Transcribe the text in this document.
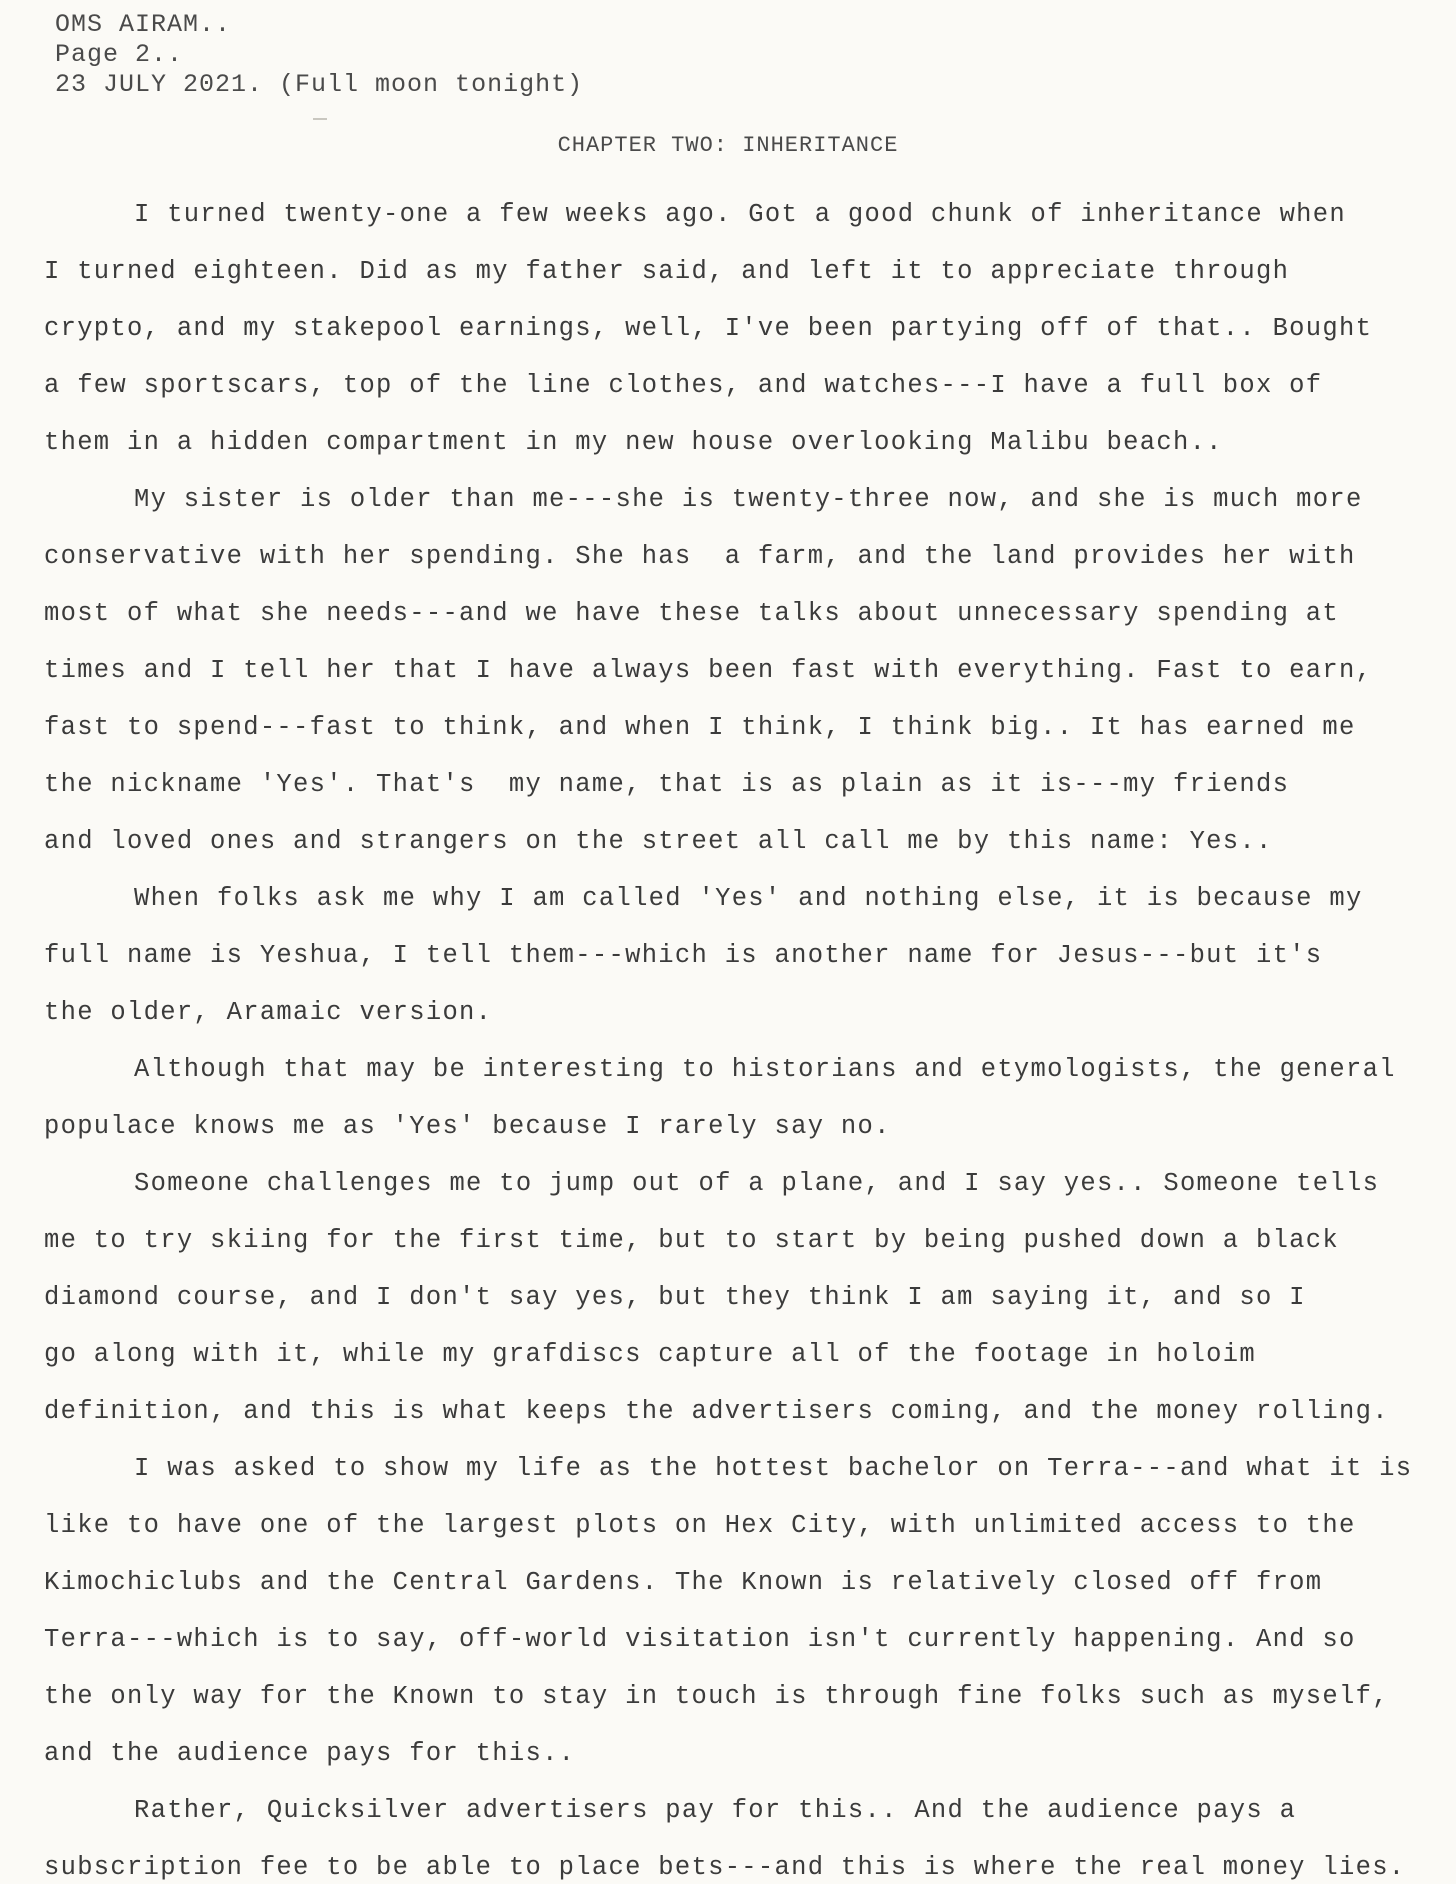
OMS AIRAM..
Page 2..
23 JULY 2021. (Full moon tonight)
CHAPTER TWO: INHERITANCE
I turned twenty-one a few weeks ago. Got a good chunk of inheritance when
I turned eighteen. Did as my father said, and left it to appreciate through
crypto, and my stakepool earnings, well, I've been partying off of that.. Bought
a few sportscars, top of the line clothes, and watches---I have a full box of
them in a hidden compartment in my new house overlooking Malibu beach..
My sister is older than me---she is twenty-three now, and she is much more
conservative with her spending. She has  a farm, and the land provides her with
most of what she needs---and we have these talks about unnecessary spending at
times and I tell her that I have always been fast with everything. Fast to earn,
fast to spend---fast to think, and when I think, I think big.. It has earned me
the nickname 'Yes'. That's  my name, that is as plain as it is---my friends
and loved ones and strangers on the street all call me by this name: Yes..
When folks ask me why I am called 'Yes' and nothing else, it is because my
full name is Yeshua, I tell them---which is another name for Jesus---but it's
the older, Aramaic version.
Although that may be interesting to historians and etymologists, the general
populace knows me as 'Yes' because I rarely say no.
Someone challenges me to jump out of a plane, and I say yes.. Someone tells
me to try skiing for the first time, but to start by being pushed down a black
diamond course, and I don't say yes, but they think I am saying it, and so I
go along with it, while my grafdiscs capture all of the footage in holoim
definition, and this is what keeps the advertisers coming, and the money rolling.
I was asked to show my life as the hottest bachelor on Terra---and what it is
like to have one of the largest plots on Hex City, with unlimited access to the
Kimochiclubs and the Central Gardens. The Known is relatively closed off from
Terra---which is to say, off-world visitation isn't currently happening. And so
the only way for the Known to stay in touch is through fine folks such as myself,
and the audience pays for this..
Rather, Quicksilver advertisers pay for this.. And the audience pays a
subscription fee to be able to place bets---and this is where the real money lies.
